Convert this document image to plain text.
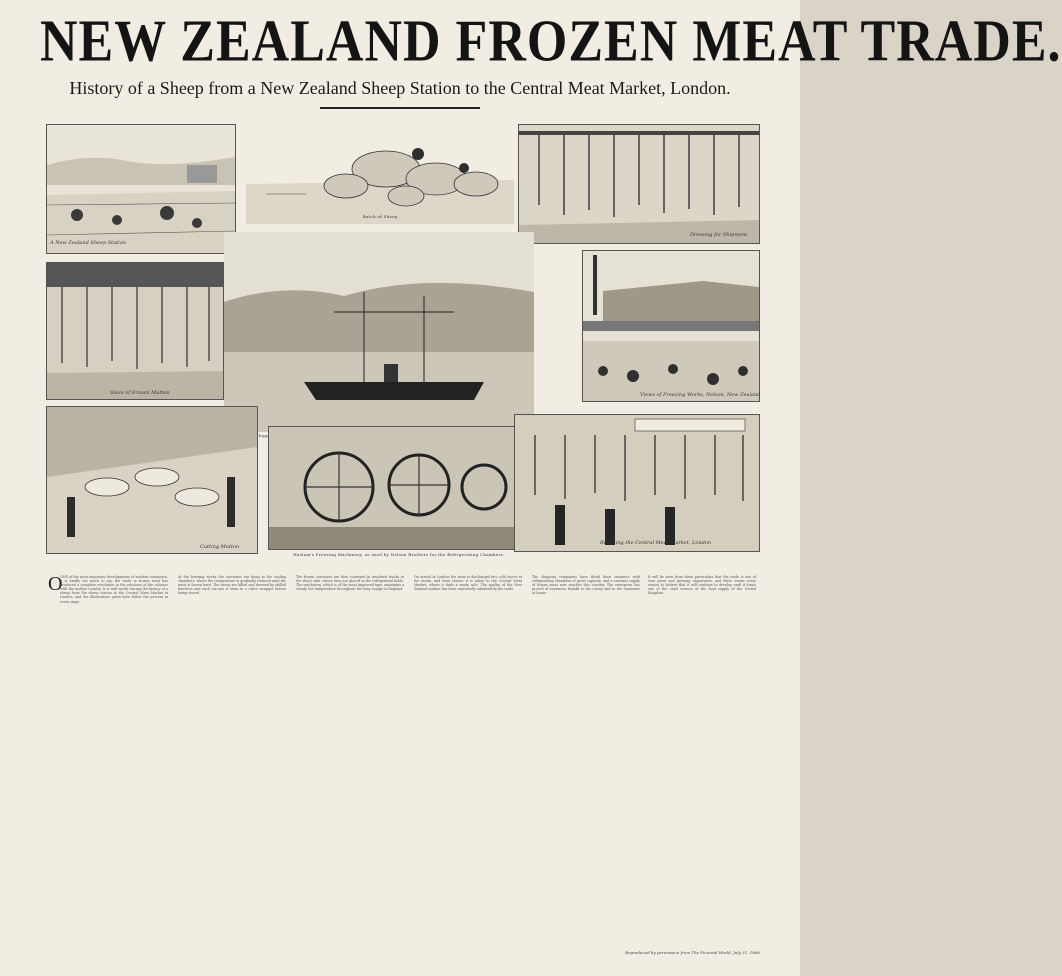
NEW ZEALAND FROZEN MEAT TRADE.
History of a Sheep from a New Zealand Sheep Station to the Central Meat Market, London.
A New Zealand Sheep Station
Batch of Sheep.
Dressing for Shipment
Store of Frozen Mutton
Shipping
Views of Freezing Works, Nelson, New Zealand
Cutting Mutton
Haslam's Freezing Machinery, as used by Nelson Brothers for the Refrigerating Chambers.
Reaching the Central Meat Market, London
O

ONE of the most important developments of modern commerce, it is hardly too much to say, the trade in frozen meat has produced a complete revolution in the relations of the colonies with the mother country. It is well worth tracing the history of a sheep from the sheep station to the Central Meat Market in London, and the illustrations given here follow the process in every stage.

At the freezing works the carcasses are hung in the cooling chambers, where the temperature is gradually reduced until the meat is frozen hard. The sheep are killed and dressed by skilled butchers and each carcass is sewn in a calico wrapper before being stored.

The frozen carcasses are then conveyed in insulated trucks to the ship's side, where they are placed in the refrigerated holds. The machinery, which is of the most improved type, maintains a steady low temperature throughout the long voyage to England.

On arrival in London the meat is discharged into cold stores at the docks, and from thence it is taken to the Central Meat Market, where it finds a ready sale. The quality of the New Zealand mutton has been universally admitted by the trade.

The shipping companies have fitted their steamers with refrigerating chambers of great capacity, and a constant supply of frozen meat now reaches this country. The enterprise has proved of enormous benefit to the colony and to the consumer at home.

It will be seen from these particulars that the trade is one of very great and growing importance, and there seems every reason to believe that it will continue to develop until it forms one of the chief sources of the food supply of the United Kingdom.

Reproduced by permission from The Pictorial World, July 31, 1886
